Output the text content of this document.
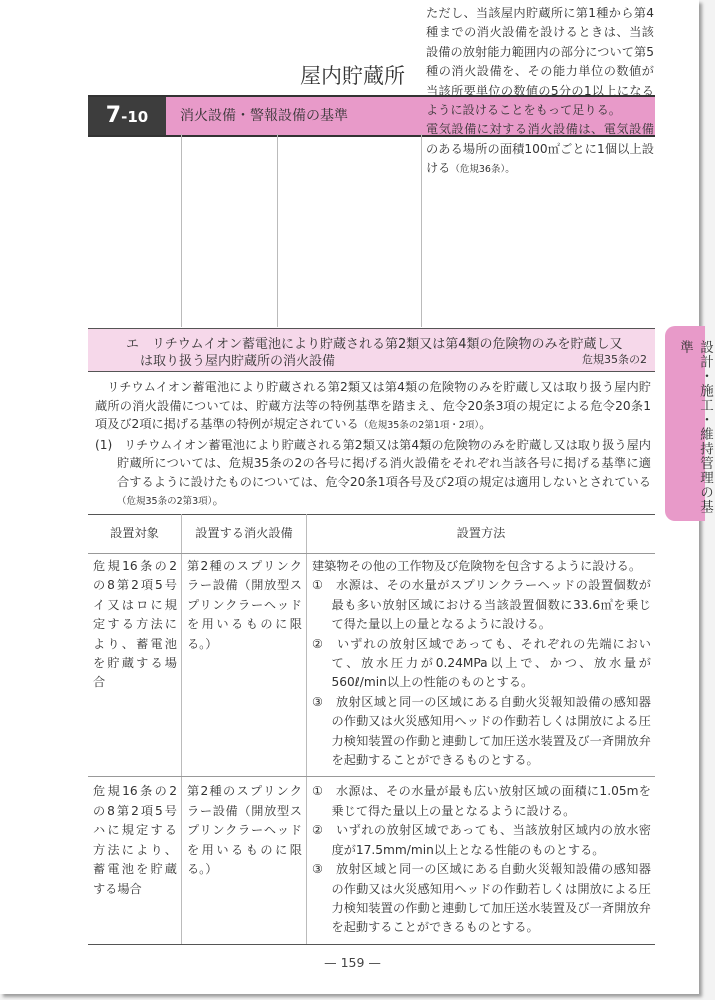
屋内貯蔵所
7-10	消火設備・警報設備の基準
ただし、当該屋内貯蔵所に第1種から第4種までの消火設備を設けるときは、当該設備の放射能力範囲内の部分について第5種の消火設備を、その能力単位の数値が当該所要単位の数値の5分の1以上になるように設けることをもって足りる。
電気設備に対する消火設備は、電気設備のある場所の面積100㎡ごとに1個以上設ける（危規36条）。
エ　リチウムイオン蓄電池により貯蔵される第2類又は第4類の危険物のみを貯蔵し又
は取り扱う屋内貯蔵所の消火設備	危規35条の2	設計・施工・維持管理の基準
リチウムイオン蓄電池により貯蔵される第2類又は第4類の危険物のみを貯蔵し又は取り扱う屋内貯蔵所の消火設備については、貯蔵方法等の特例基準を踏まえ、危令20条3項の規定による危令20条1項及び2項に掲げる基準の特例が規定されている（危規35条の2第1項・2項）。
(1) リチウムイオン蓄電池により貯蔵される第2類又は第4類の危険物のみを貯蔵し又は取り扱う屋内貯蔵所については、危規35条の2の各号に掲げる消火設備をそれぞれ当該各号に掲げる基準に適合するように設けたものについては、危令20条1項各号及び2項の規定は適用しないとされている（危規35条の2第3項）。
設置対象	設置する消火設備	設置方法

危規16条の2の8第2項5号イ又はロに規定する方法により、蓄電池を貯蔵する場合	第2種のスプリンクラー設備（開放型スプリンクラーヘッドを用いるものに限る。）	建築物その他の工作物及び危険物を包含するように設ける。

①　水源は、その水量がスプリンクラーヘッドの設置個数が最も多い放射区域における当該設置個数に33.6㎥を乗じて得た量以上の量となるように設ける。

②　いずれの放射区域であっても、それぞれの先端において、放水圧力が0.24MPa以上で、かつ、放水量が560ℓ/min以上の性能のものとする。

③　放射区域と同一の区域にある自動火災報知設備の感知器の作動又は火災感知用ヘッドの作動若しくは開放による圧力検知装置の作動と連動して加圧送水装置及び一斉開放弁を起動することができるものとする。

危規16条の2の8第2項5号ハに規定する方法により、蓄電池を貯蔵する場合	第2種のスプリンクラー設備（開放型スプリンクラーヘッドを用いるものに限る。）	①　水源は、その水量が最も広い放射区域の面積に1.05mを乗じて得た量以上の量となるように設ける。

②　いずれの放射区域であっても、当該放射区域内の放水密度が17.5mm/min以上となる性能のものとする。

③　放射区域と同一の区域にある自動火災報知設備の感知器の作動又は火災感知用ヘッドの作動若しくは開放による圧力検知装置の作動と連動して加圧送水装置及び一斉開放弁を起動することができるものとする。

— 159 —
